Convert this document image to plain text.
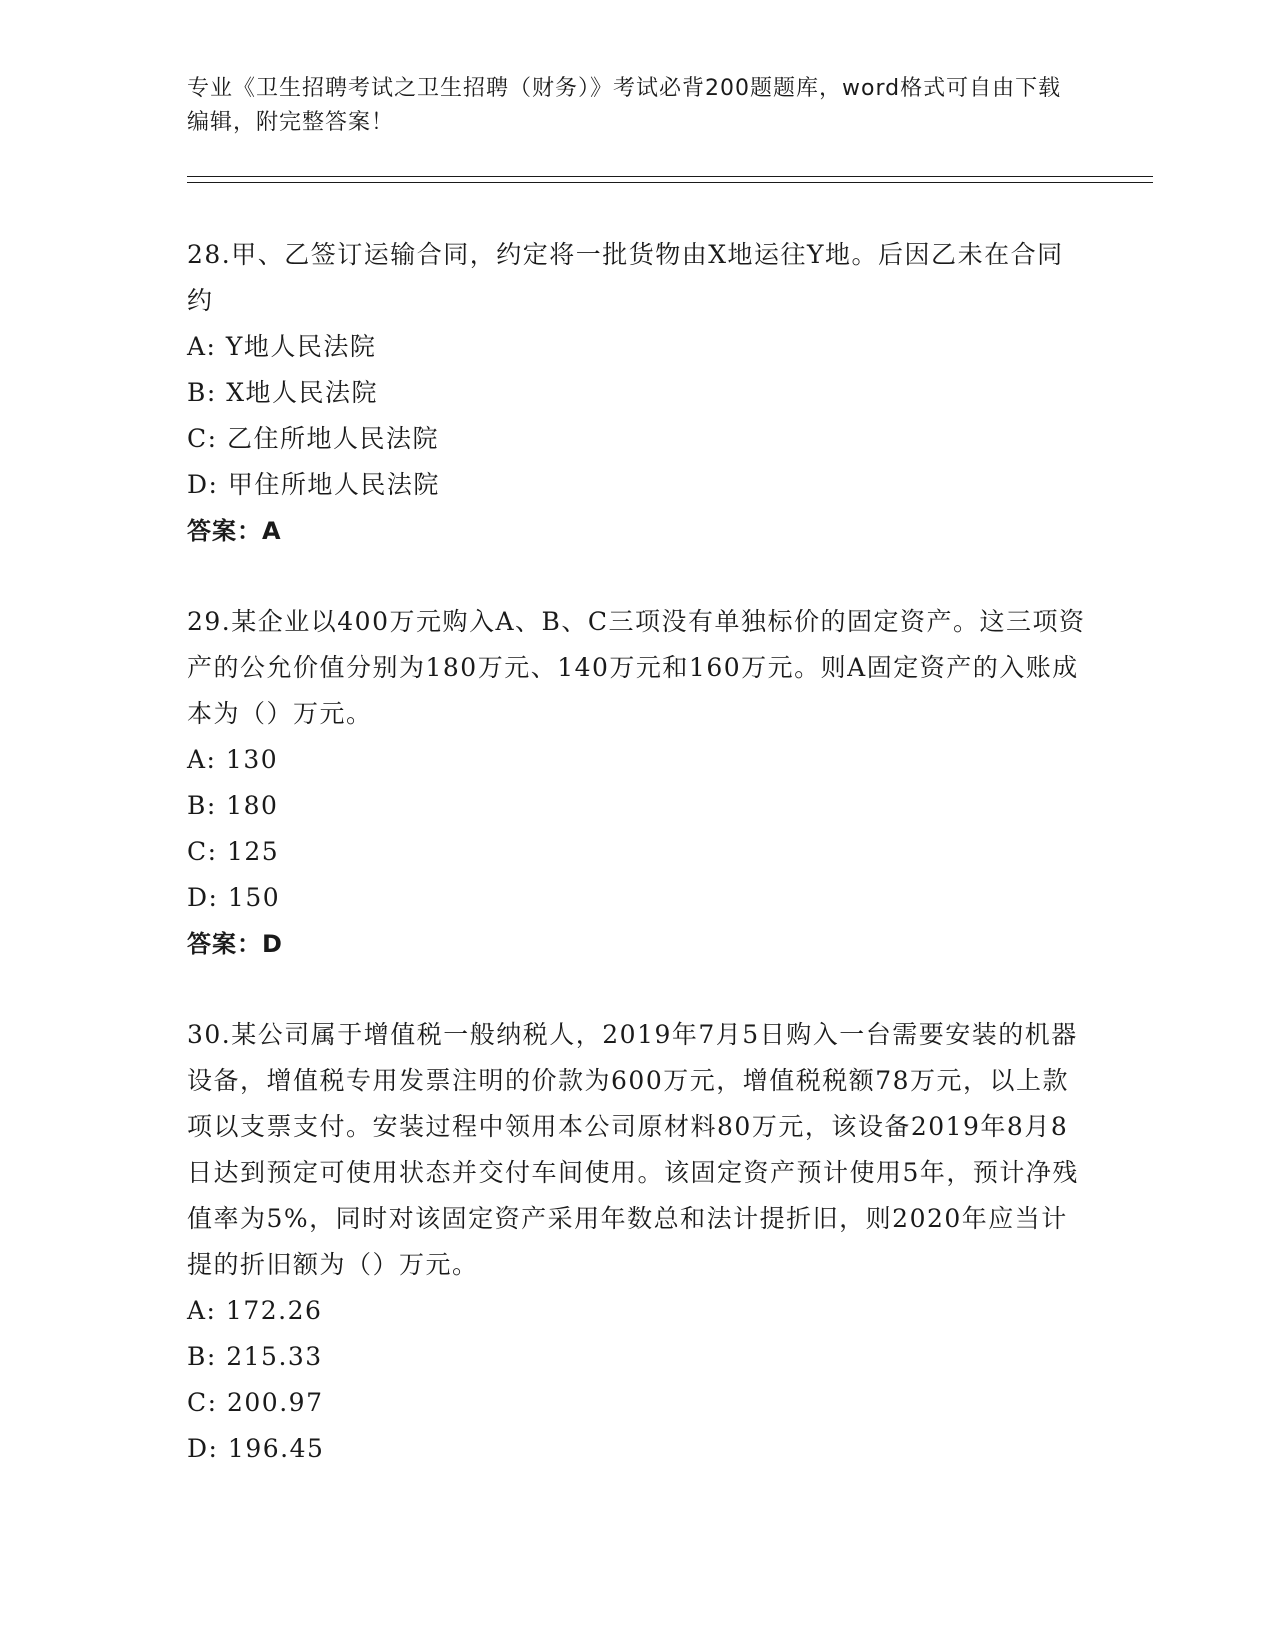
专业《卫生招聘考试之卫生招聘（财务）》考试必背200题题库，word格式可自由下载编辑，附完整答案！

28.甲、乙签订运输合同，约定将一批货物由X地运往Y地。后因乙未在合同约

A: Y地人民法院

B: X地人民法院

C: 乙住所地人民法院

D: 甲住所地人民法院

答案：A

29.某企业以400万元购入A、B、C三项没有单独标价的固定资产。这三项资产的公允价值分别为180万元、140万元和160万元。则A固定资产的入账成本为（）万元。

A: 130

B: 180

C: 125

D: 150

答案：D

30.某公司属于增值税一般纳税人，2019年7月5日购入一台需要安装的机器设备，增值税专用发票注明的价款为600万元，增值税税额78万元，以上款项以支票支付。安装过程中领用本公司原材料80万元，该设备2019年8月8日达到预定可使用状态并交付车间使用。该固定资产预计使用5年，预计净残值率为5%，同时对该固定资产采用年数总和法计提折旧，则2020年应当计提的折旧额为（）万元。

A: 172.26

B: 215.33

C: 200.97

D: 196.45
